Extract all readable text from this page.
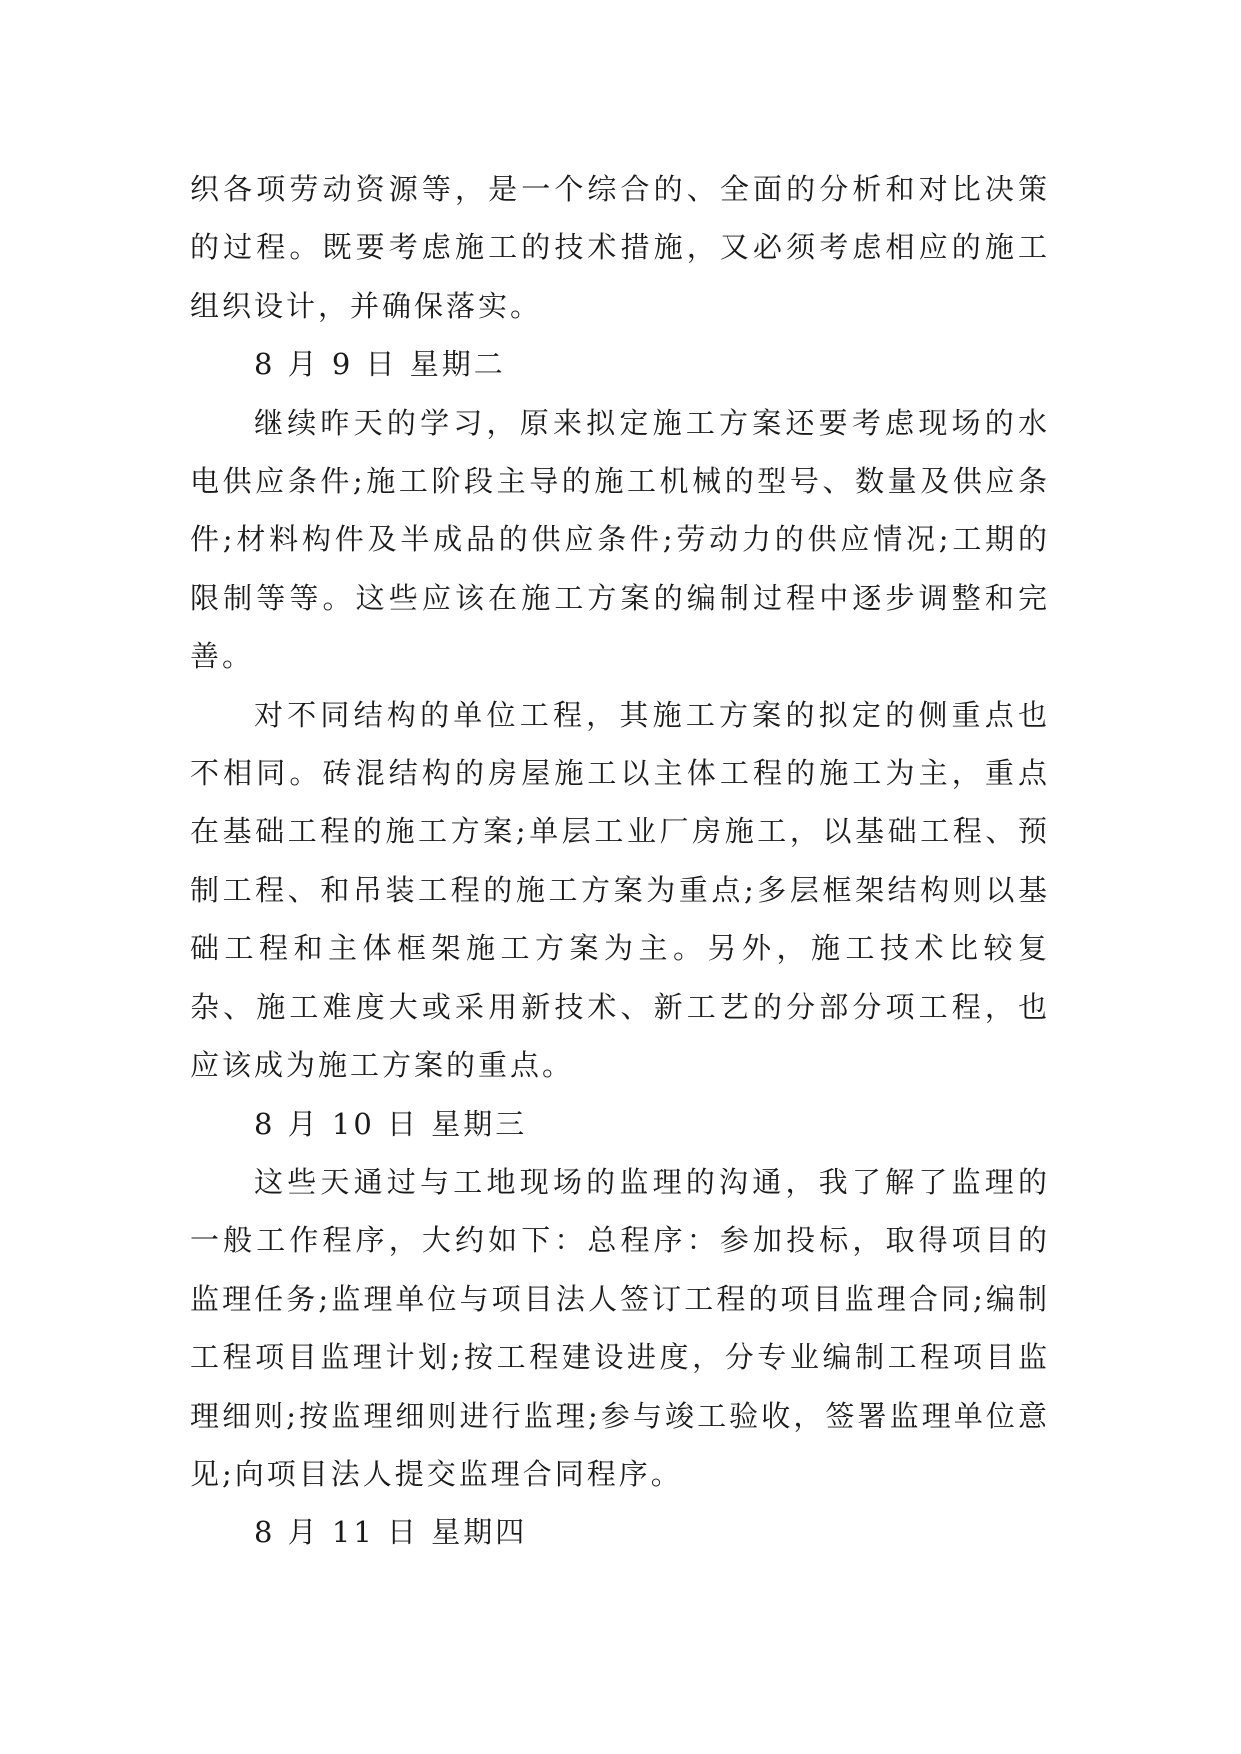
织各项劳动资源等，是一个综合的、全面的分析和对比决策的过程。既要考虑施工的技术措施，又必须考虑相应的施工组织设计，并确保落实。

8 月 9 日 星期二

继续昨天的学习，原来拟定施工方案还要考虑现场的水电供应条件;施工阶段主导的施工机械的型号、数量及供应条件;材料构件及半成品的供应条件;劳动力的供应情况;工期的限制等等。这些应该在施工方案的编制过程中逐步调整和完善。

对不同结构的单位工程，其施工方案的拟定的侧重点也不相同。砖混结构的房屋施工以主体工程的施工为主，重点在基础工程的施工方案;单层工业厂房施工，以基础工程、预制工程、和吊装工程的施工方案为重点;多层框架结构则以基础工程和主体框架施工方案为主。另外，施工技术比较复杂、施工难度大或采用新技术、新工艺的分部分项工程，也应该成为施工方案的重点。

8 月 10 日 星期三

这些天通过与工地现场的监理的沟通，我了解了监理的一般工作程序，大约如下：总程序：参加投标，取得项目的监理任务;监理单位与项目法人签订工程的项目监理合同;编制工程项目监理计划;按工程建设进度，分专业编制工程项目监理细则;按监理细则进行监理;参与竣工验收，签署监理单位意见;向项目法人提交监理合同程序。

8 月 11 日 星期四
